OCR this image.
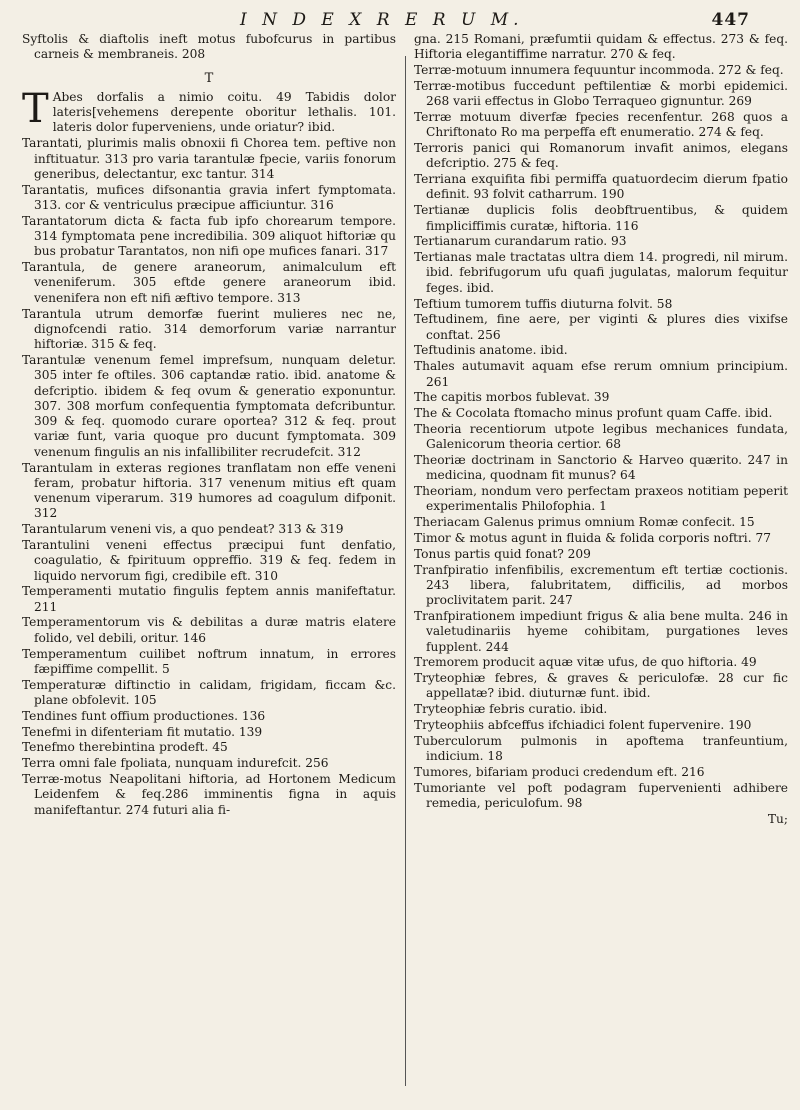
I N D E X R E R U M.	447
Syftolis & diaftolis ineft motus fubofcurus in partibus carneis & membraneis. 208
T
T Abes dorfalis a nimio coitu. 49 Tabidis dolor lateris[vehemens derepente oboritur lethalis. 101. lateris dolor fuperveniens, unde oriatur? ibid.
Tarantati, plurimis malis obnoxii fi Chorea tem. peftive non inftituatur. 313 pro varia tarantulæ fpecie, variis fonorum generibus, delectantur, exc tantur. 314
Tarantatis, mufices difsonantia gravia infert fymptomata. 313. cor & ventriculus præcipue afficiuntur. 316
Tarantatorum dicta & facta fub ipfo chorearum tempore. 314 fymptomata pene incredibilia. 309 aliquot hiftoriæ qu bus probatur Tarantatos, non nifi ope mufices fanari. 317
Tarantula, de genere araneorum, animalculum eft veneniferum. 305 eftde genere araneorum ibid. venenifera non eft nifi æftivo tempore. 313
Tarantula utrum demorfæ fuerint mulieres nec ne, dignofcendi ratio. 314 demorforum variæ narrantur hiftoriæ. 315 & feq.
Tarantulæ venenum femel imprefsum, nunquam deletur. 305 inter fe oftiles. 306 captandæ ratio. ibid. anatome & defcriptio. ibidem & feq ovum & generatio exponuntur. 307. 308 morfum confequentia fymptomata defcribuntur. 309 & feq. quomodo curare oportea? 312 & feq. prout variæ funt, varia quoque pro ducunt fymptomata. 309 venenum fingulis an nis infallibiliter recrudefcit. 312
Tarantulam in exteras regiones tranflatam non effe veneni feram, probatur hiftoria. 317 venenum mitius eft quam venenum viperarum. 319 humores ad coagulum difponit. 312
Tarantularum veneni vis, a quo pendeat? 313 & 319
Tarantulini veneni effectus præcipui funt denfatio, coagulatio, & fpirituum oppreffio. 319 & feq. fedem in liquido nervorum figi, credibile eft. 310
Temperamenti mutatio fingulis feptem annis manifeftatur. 211
Temperamentorum vis & debilitas a duræ matris elatere folido, vel debili, oritur. 146
Temperamentum cuilibet noftrum innatum, in errores fæpiffime compellit. 5
Temperaturæ diftinctio in calidam, frigidam, ficcam &c. plane obfolevit. 105
Tendines funt offium productiones. 136
Tenefmi in difenteriam fit mutatio. 139
Tenefmo therebintina prodeft. 45
Terra omni fale fpoliata, nunquam indurefcit. 256
Terræ-motus Neapolitani hiftoria, ad Hortonem Medicum Leidenfem & feq.286 imminentis figna in aquis manifeftantur. 274 futuri alia fi-
gna. 215 Romani, præfumtii quidam & effectus. 273 & feq. Hiftoria elegantiffime narratur. 270 & feq.
Terræ-motuum innumera fequuntur incommoda. 272 & feq.
Terræ-motibus fuccedunt peftilentiæ & morbi epidemici. 268 varii effectus in Globo Terraqueo gignuntur. 269
Terræ motuum diverfæ fpecies recenfentur. 268 quos a Chriftonato Ro ma perpeffa eft enumeratio. 274 & feq.
Terroris panici qui Romanorum invafit animos, elegans defcriptio. 275 & feq.
Terriana exquifita fibi permiffa quatuordecim dierum fpatio definit. 93 folvit catharrum. 190
Tertianæ duplicis folis deobftruentibus, & quidem fimpliciffimis curatæ, hiftoria. 116
Tertianarum curandarum ratio. 93
Tertianas male tractatas ultra diem 14. progredi, nil mirum. ibid. febrifugorum ufu quafi jugulatas, malorum fequitur feges. ibid.
Teftium tumorem tuffis diuturna folvit. 58
Teftudinem, fine aere, per viginti & plures dies vixifse conftat. 256
Teftudinis anatome. ibid.
Thales autumavit aquam efse rerum omnium principium. 261
The capitis morbos fublevat. 39
The & Cocolata ftomacho minus profunt quam Caffe. ibid.
Theoria recentiorum utpote legibus mechanices fundata, Galenicorum theoria certior. 68
Theoriæ doctrinam in Sanctorio & Harveo quærito. 247 in medicina, quodnam fit munus? 64
Theoriam, nondum vero perfectam praxeos notitiam peperit experimentalis Philofophia. 1
Theriacam Galenus primus omnium Romæ confecit. 15
Timor & motus agunt in fluida & folida corporis noftri. 77
Tonus partis quid fonat? 209
Tranfpiratio infenfibilis, excrementum eft tertiæ coctionis. 243 libera, falubritatem, difficilis, ad morbos proclivitatem parit. 247
Tranfpirationem impediunt frigus & alia bene multa. 246 in valetudinariis hyeme cohibitam, purgationes leves fupplent. 244
Tremorem producit aquæ vitæ ufus, de quo hiftoria. 49
Tryteophiæ febres, & graves & periculofæ. 28 cur fic appellatæ? ibid. diuturnæ funt. ibid.
Tryteophiæ febris curatio. ibid.
Tryteophiis abfceffus ifchiadici folent fupervenire. 190
Tuberculorum pulmonis in apoftema tranfeuntium, indicium. 18
Tumores, bifariam produci credendum eft. 216
Tumoriante vel poft podagram fupervenienti adhibere remedia, periculofum. 98
Tu;
